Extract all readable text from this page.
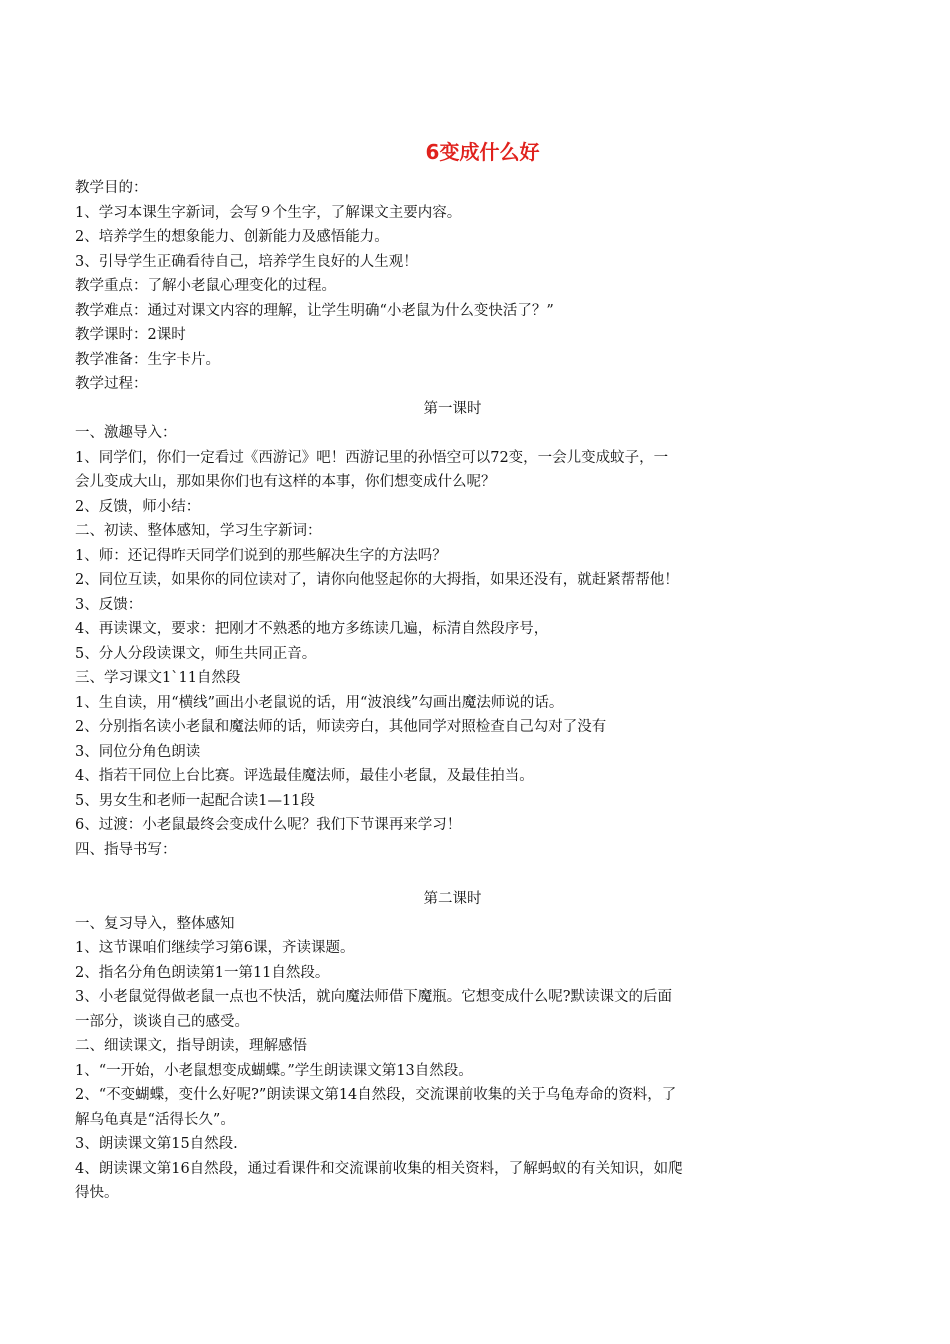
6变成什么好

教学目的：

1、学习本课生字新词，会写９个生字，了解课文主要内容。

2、培养学生的想象能力、创新能力及感悟能力。

3、引导学生正确看待自己，培养学生良好的人生观！

教学重点：了解小老鼠心理变化的过程。

教学难点：通过对课文内容的理解，让学生明确“小老鼠为什么变快活了？”

教学课时：2课时

教学准备：生字卡片。

教学过程：

第一课时

一、激趣导入：

1、同学们，你们一定看过《西游记》吧！西游记里的孙悟空可以72变，一会儿变成蚊子，一

会儿变成大山，那如果你们也有这样的本事，你们想变成什么呢？

2、反馈，师小结：

二、初读、整体感知，学习生字新词：

1、师：还记得昨天同学们说到的那些解决生字的方法吗？

2、同位互读，如果你的同位读对了，请你向他竖起你的大拇指，如果还没有，就赶紧帮帮他！

3、反馈：

4、再读课文，要求：把刚才不熟悉的地方多练读几遍，标清自然段序号，

5、分人分段读课文，师生共同正音。

三、学习课文1`11自然段

1、生自读，用“横线”画出小老鼠说的话，用“波浪线”勾画出魔法师说的话。

2、分别指名读小老鼠和魔法师的话，师读旁白，其他同学对照检查自己勾对了没有

3、同位分角色朗读

4、指若干同位上台比赛。评选最佳魔法师，最佳小老鼠，及最佳拍当。

5、男女生和老师一起配合读1—11段

6、过渡：小老鼠最终会变成什么呢？我们下节课再来学习！

四、指导书写：

第二课时

一、复习导入，整体感知

1、这节课咱们继续学习第6课，齐读课题。

2、指名分角色朗读第1一第11自然段。

3、小老鼠觉得做老鼠一点也不快活，就向魔法师借下魔瓶。它想变成什么呢?默读课文的后面

一部分，谈谈自己的感受。

二、细读课文，指导朗读，理解感悟

1、“一开始，小老鼠想变成蝴蝶。”学生朗读课文第13自然段。

2、“不变蝴蝶，变什么好呢?”朗读课文第14自然段，交流课前收集的关于乌龟寿命的资料，了

解乌龟真是“活得长久”。

3、朗读课文第15自然段.

4、朗读课文第16自然段，通过看课件和交流课前收集的相关资料，了解蚂蚁的有关知识，如爬

得快。
